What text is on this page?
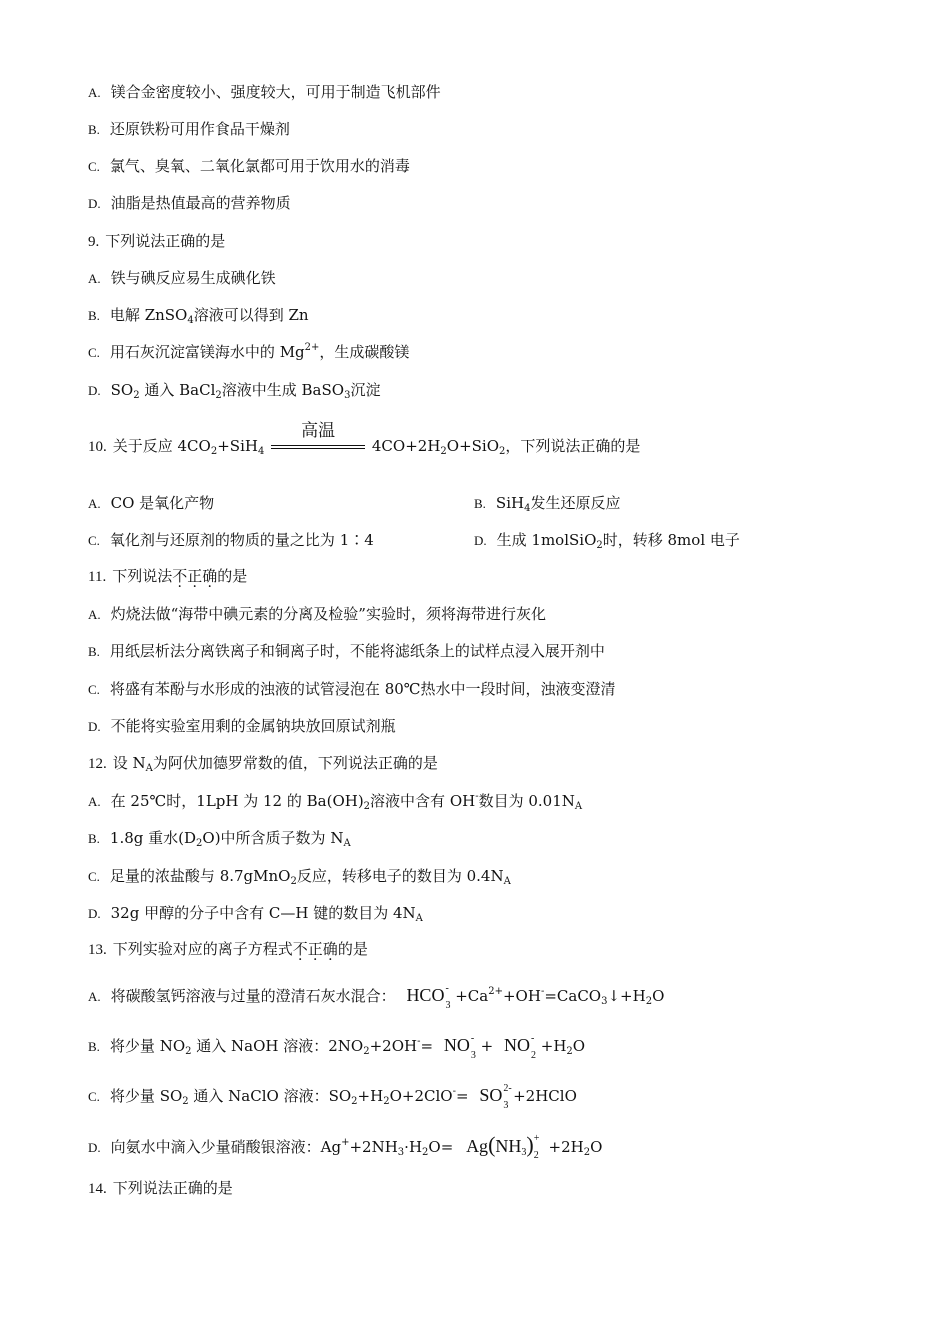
A. 镁合金密度较小、强度较大，可用于制造飞机部件
B. 还原铁粉可用作食品干燥剂
C. 氯气、臭氧、二氧化氯都可用于饮用水的消毒
D. 油脂是热值最高的营养物质
9. 下列说法正确的是
A. 铁与碘反应易生成碘化铁
B. 电解 ZnSO$_4$溶液可以得到 Zn
C. 用石灰沉淀富镁海水中的 $Mg^{2+}$，生成碳酸镁
D. $SO_2$ 通入 BaCl$_2$溶液中生成 BaSO$_3$沉淀
10. 关于反应 $4CO_2+SiH_4$
高温
$4CO+2H_2O+SiO_2$，下列说法正确的是
A. CO 是氧化产物	B. SiH$_4$发生还原反应
C. 氧化剂与还原剂的物质的量之比为 1∶4	D. 生成 1molSiO$_2$时，转移 8mol 电子
11. 下列说法不正确的是
A. 灼烧法做“海带中碘元素的分离及检验”实验时，须将海带进行灰化
B. 用纸层析法分离铁离子和铜离子时，不能将滤纸条上的试样点浸入展开剂中
C. 将盛有苯酚与水形成的浊液的试管浸泡在 80℃热水中一段时间，浊液变澄清
D. 不能将实验室用剩的金属钠块放回原试剂瓶
12. 设 $N_A$为阿伏加德罗常数的值，下列说法正确的是
A. 在 25℃时，1LpH 为 12 的 $Ba(OH)_2$溶液中含有 OH-数目为 $0.01N_A$
B. 1.8g 重水$(D_2O)$中所含质子数为 $N_A$
C. 足量的浓盐酸与 8.7gMnO$_2$反应，转移电子的数目为 $0.4N_A$
D. 32g 甲醇的分子中含有 C—H 键的数目为 $4N_A$
13. 下列实验对应的离子方程式不正确的是
A. 将碳酸氢钙溶液与过量的澄清石灰水混合： HCO -
3
$+Ca^{2+}+OH^-=CaCO_3↓+H_2O$
B. 将少量 $NO_2$ 通入 NaOH 溶液：$2NO_2+2OH^-=$ NO -
3
+ NO -
2
$+H_2O$
C. 将少量 $SO_2$ 通入 NaClO 溶液：$SO_2+H_2O+2ClO^-=$ SO 2-
3
+2HClO
D. 向氨水中滴入少量硝酸银溶液：$Ag^++2NH_3\cdot H_2O= Ag(NH_3)$ +
$2 +2H_2O$
14. 下列说法正确的是
